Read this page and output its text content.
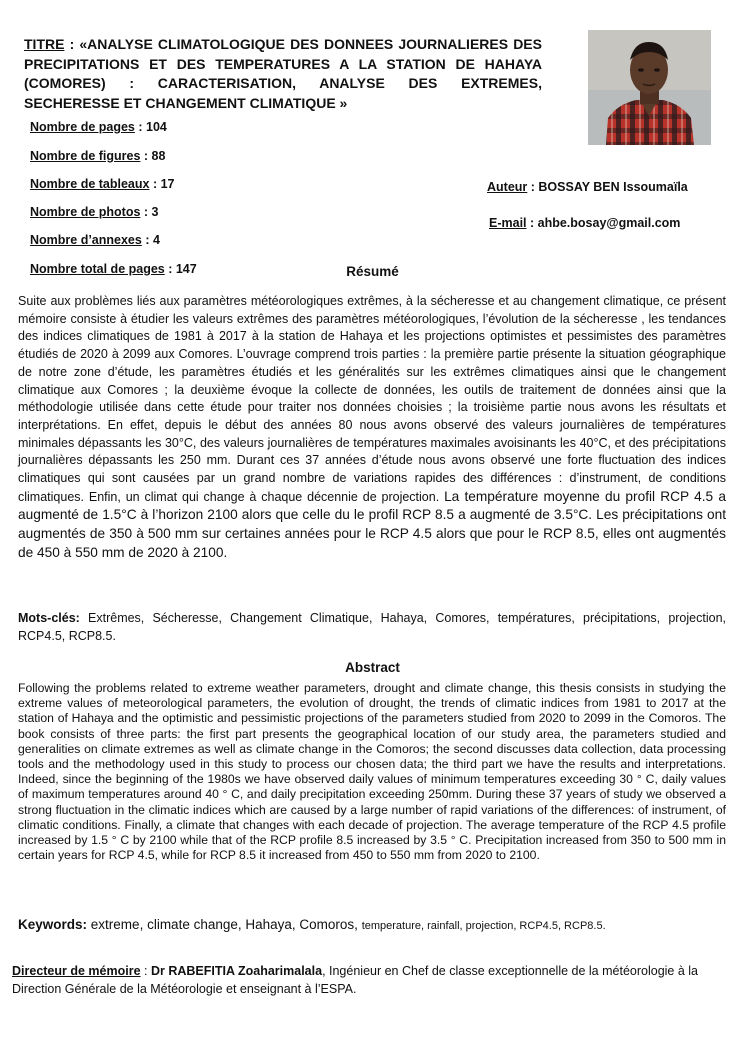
TITRE : «ANALYSE CLIMATOLOGIQUE DES DONNEES JOURNALIERES DES PRECIPITATIONS ET DES TEMPERATURES A LA STATION DE HAHAYA (COMORES) : CARACTERISATION, ANALYSE DES EXTREMES, SECHERESSE ET CHANGEMENT CLIMATIQUE »
Nombre de pages : 104
Nombre de figures : 88
Nombre de tableaux : 17
Nombre de photos : 3
Nombre d’annexes : 4
Nombre total de pages : 147
Auteur : BOSSAY BEN Issoumaïla
E-mail : ahbe.bosay@gmail.com
Résumé
Suite aux problèmes liés aux paramètres météorologiques extrêmes, à la sécheresse et au changement climatique, ce présent mémoire consiste à étudier les valeurs extrêmes des paramètres météorologiques, l’évolution de la sécheresse , les tendances des indices climatiques de 1981 à 2017 à la station de Hahaya et les projections optimistes et pessimistes des paramètres étudiés de 2020 à 2099 aux Comores. L’ouvrage comprend trois parties : la première partie présente la situation géographique de notre zone d’étude, les paramètres étudiés et les généralités sur les extrêmes climatiques ainsi que le changement climatique aux Comores ; la deuxième évoque la collecte de données, les outils de traitement de données ainsi que la méthodologie utilisée dans cette étude pour traiter nos données choisies ; la troisième partie nous avons les résultats et interprétations. En effet, depuis le début des années 80 nous avons observé des valeurs journalières de températures minimales dépassants les 30°C, des valeurs journalières de températures maximales avoisinants les 40°C, et des précipitations journalières dépassants les 250 mm. Durant ces 37 années d’étude nous avons observé une forte fluctuation des indices climatiques qui sont causées par un grand nombre de variations rapides des différences : d’instrument, de conditions climatiques. Enfin, un climat qui change à chaque décennie de projection. La température moyenne du profil RCP 4.5 a augmenté de 1.5°C à l’horizon 2100 alors que celle du le profil RCP 8.5 a augmenté de 3.5°C. Les précipitations ont augmentés de 350 à 500 mm sur certaines années pour le RCP 4.5 alors que pour le RCP 8.5, elles ont augmentés de 450 à 550 mm de 2020 à 2100.
Mots-clés: Extrêmes, Sécheresse, Changement Climatique, Hahaya, Comores, températures, précipitations, projection, RCP4.5, RCP8.5.
Abstract
Following the problems related to extreme weather parameters, drought and climate change, this thesis consists in studying the extreme values of meteorological parameters, the evolution of drought, the trends of climatic indices from 1981 to 2017 at the station of Hahaya and the optimistic and pessimistic projections of the parameters studied from 2020 to 2099 in the Comoros. The book consists of three parts: the first part presents the geographical location of our study area, the parameters studied and generalities on climate extremes as well as climate change in the Comoros; the second discusses data collection, data processing tools and the methodology used in this study to process our chosen data; the third part we have the results and interpretations. Indeed, since the beginning of the 1980s we have observed daily values of minimum temperatures exceeding 30 ° C, daily values of maximum temperatures around 40 ° C, and daily precipitation exceeding 250mm. During these 37 years of study we observed a strong fluctuation in the climatic indices which are caused by a large number of rapid variations of the differences: of instrument, of climatic conditions. Finally, a climate that changes with each decade of projection. The average temperature of the RCP 4.5 profile increased by 1.5 ° C by 2100 while that of the RCP profile 8.5 increased by 3.5 ° C. Precipitation increased from 350 to 500 mm in certain years for RCP 4.5, while for RCP 8.5 it increased from 450 to 550 mm from 2020 to 2100.
Keywords: extreme, climate change, Hahaya, Comoros, temperature, rainfall, projection, RCP4.5, RCP8.5.
Directeur de mémoire : Dr RABEFITIA Zoaharimalala, Ingénieur en Chef de classe exceptionnelle de la météorologie à la Direction Générale de la Météorologie et enseignant à l’ESPA.
